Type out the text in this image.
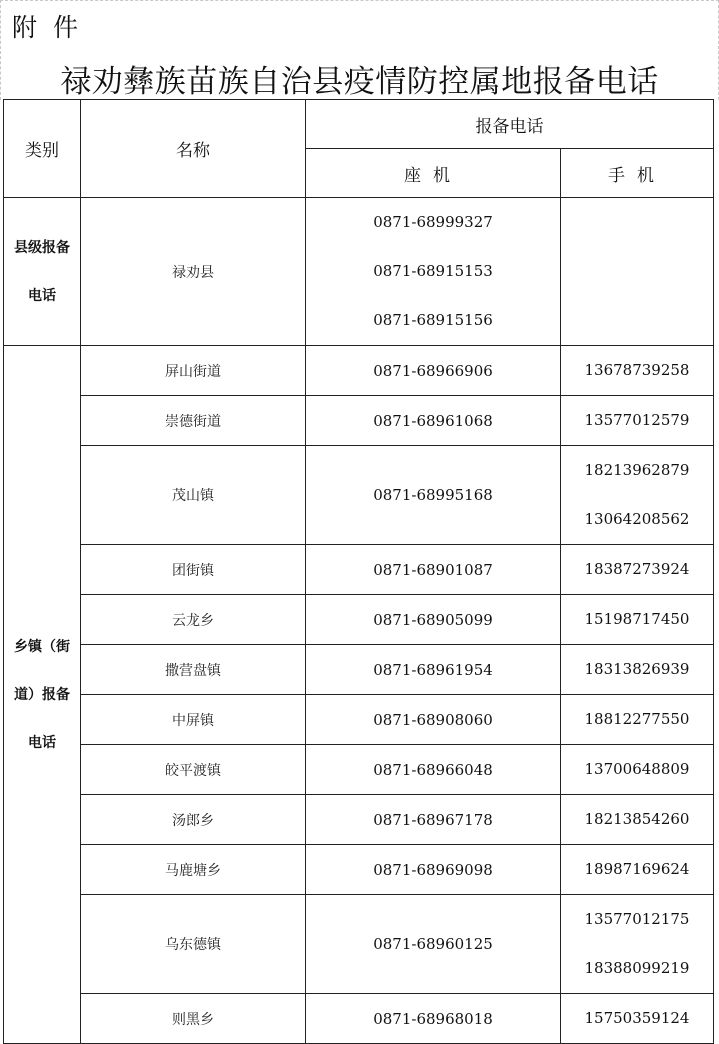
附件
禄劝彝族苗族自治县疫情防控属地报备电话
类别	名称	报备电话	
		座机	手机
县级报备电话	禄劝县	0871-68999327
0871-68915153
0871-68915156	

乡镇（街道）报备电话	屏山街道	0871-68966906	13678739258

	崇德街道	0871-68961068	13577012579

	茂山镇	0871-68995168	18213962879
13064208562

	团街镇	0871-68901087	18387273924

	云龙乡	0871-68905099	15198717450

	撒营盘镇	0871-68961954	18313826939

	中屏镇	0871-68908060	18812277550

	皎平渡镇	0871-68966048	13700648809

	汤郎乡	0871-68967178	18213854260

	马鹿塘乡	0871-68969098	18987169624

	乌东德镇	0871-68960125	13577012175
18388099219

	则黑乡	0871-68968018	15750359124
